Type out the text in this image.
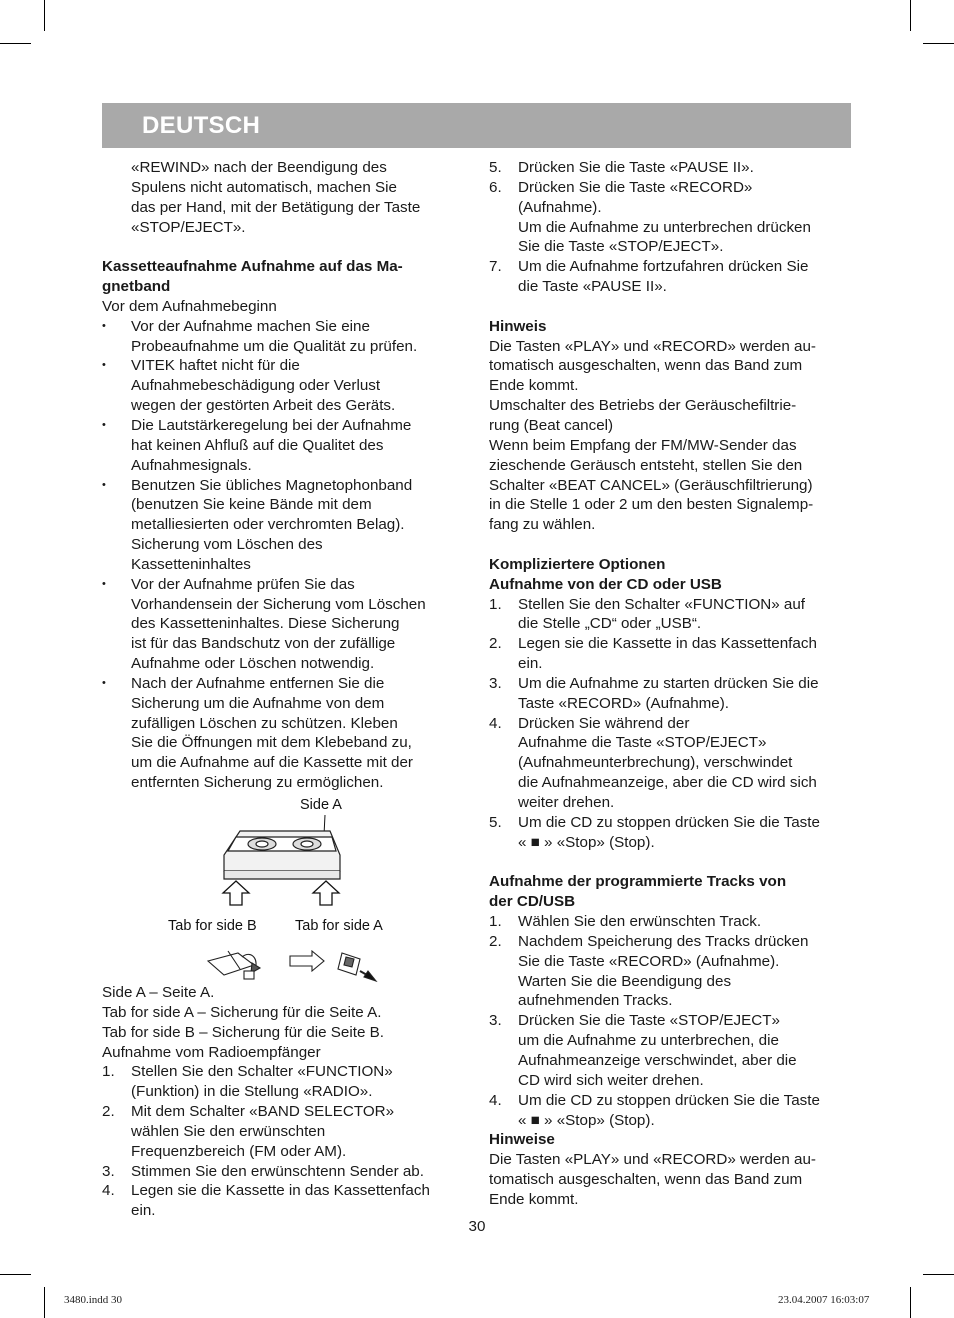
DEUTSCH
«REWIND» nach der Beendigung des
Spulens nicht automatisch, machen Sie
das per Hand, mit der Betätigung der Taste
«STOP/EJECT».
Kassetteaufnahme Aufnahme auf das Ma-
gnetband
Vor dem Aufnahmebeginn
• Vor der Aufnahme machen Sie eine
Probeaufnahme um die Qualität zu prüfen.
• VITEK haftet nicht für die
Aufnahmebeschädigung oder Verlust
wegen der gestörten Arbeit des Geräts.
• Die Lautstärkeregelung bei der Aufnahme
hat keinen Ahfluß auf die Qualitet des
Aufnahmesignals.
• Benutzen Sie übliches Magnetophonband
(benutzen Sie keine Bände mit dem
metalliesierten oder verchromten Belag).
Sicherung vom Löschen des
Kassetteninhaltes
• Vor der Aufnahme prüfen Sie das
Vorhandensein der Sicherung vom Löschen
des Kassetteninhaltes. Diese Sicherung
ist für das Bandschutz von der zufällige
Aufnahme oder Löschen notwendig.
• Nach der Aufnahme entfernen Sie die
Sicherung um die Aufnahme von dem
zufälligen Löschen zu schützen. Kleben
Sie die Öffnungen mit dem Klebeband zu,
um die Aufnahme auf die Kassette mit der
entfernten Sicherung zu ermöglichen.
Side A
Tab for side B	Tab for side A
Side A – Seite A.
Tab for side A – Sicherung für die Seite A.
Tab for side B – Sicherung für die Seite B.
Aufnahme vom Radioempfänger
1. Stellen Sie den Schalter «FUNCTION»
(Funktion) in die Stellung «RADIO».
2. Mit dem Schalter «BAND SELECTOR»
wählen Sie den erwünschten
Frequenzbereich (FM oder AM).
3. Stimmen Sie den erwünschtenn Sender ab.
4. Legen sie die Kassette in das Kassettenfach
ein.
5. Drücken Sie die Taste «PAUSE II».
6. Drücken Sie die Taste «RECORD»
(Aufnahme).
Um die Aufnahme zu unterbrechen drücken
Sie die Taste «STOP/EJECT».
7. Um die Aufnahme fortzufahren drücken Sie
die Taste «PAUSE II».
Hinweis
Die Tasten «PLAY» und «RECORD» werden au-
tomatisch ausgeschalten, wenn das Band zum
Ende kommt.
Umschalter des Betriebs der Geräuschefiltrie-
rung (Beat cancel)
Wenn beim Empfang der FM/MW-Sender das
zieschende Geräusch entsteht, stellen Sie den
Schalter «BEAT CANCEL» (Geräuschfiltrierung)
in die Stelle 1 oder 2 um den besten Signalemp-
fang zu wählen.
Kompliziertere Optionen
Aufnahme von der CD oder USB
1. Stellen Sie den Schalter «FUNCTION» auf
die Stelle „CD“ oder „USB“.
2. Legen sie die Kassette in das Kassettenfach
ein.
3. Um die Aufnahme zu starten drücken Sie die
Taste «RECORD» (Aufnahme).
4. Drücken Sie während der
Aufnahme die Taste «STOP/EJECT»
(Aufnahmeunterbrechung), verschwindet
die Aufnahmeanzeige, aber die CD wird sich
weiter drehen.
5. Um die CD zu stoppen drücken Sie die Taste
« ■ » «Stop» (Stop).
Aufnahme der programmierte Tracks von
der CD/USB
1. Wählen Sie den erwünschten Track.
2. Nachdem Speicherung des Tracks drücken
Sie die Taste «RECORD» (Aufnahme).
Warten Sie die Beendigung des
aufnehmenden Tracks.
3. Drücken Sie die Taste «STOP/EJECT»
um die Aufnahme zu unterbrechen, die
Aufnahmeanzeige verschwindet, aber die
CD wird sich weiter drehen.
4. Um die CD zu stoppen drücken Sie die Taste
« ■ » «Stop» (Stop).
Hinweise
Die Tasten «PLAY» und «RECORD» werden au-
tomatisch ausgeschalten, wenn das Band zum
Ende kommt.
30
3480.indd 30	23.04.2007 16:03:07
